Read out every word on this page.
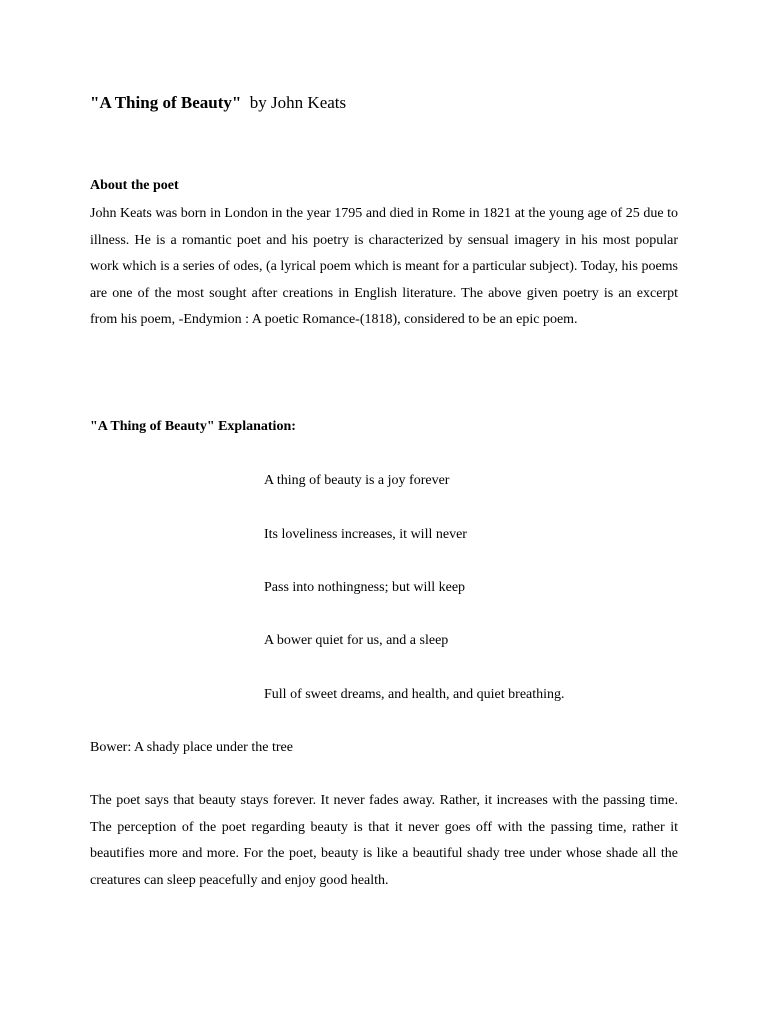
"A Thing of Beauty" by John Keats
About the poet
John Keats was born in London in the year 1795 and died in Rome in 1821 at the young age of 25 due to illness. He is a romantic poet and his poetry is characterized by sensual imagery in his most popular work which is a series of odes, (a lyrical poem which is meant for a particular subject). Today, his poems are one of the most sought after creations in English literature. The above given poetry is an excerpt from his poem, -Endymion : A poetic Romance-(1818), considered to be an epic poem.
"A Thing of Beauty" Explanation:
A thing of beauty is a joy forever
Its loveliness increases, it will never
Pass into nothingness; but will keep
A bower quiet for us, and a sleep
Full of sweet dreams, and health, and quiet breathing.
Bower: A shady place under the tree
The poet says that beauty stays forever. It never fades away. Rather, it increases with the passing time. The perception of the poet regarding beauty is that it never goes off with the passing time, rather it beautifies more and more. For the poet, beauty is like a beautiful shady tree under whose shade all the creatures can sleep peacefully and enjoy good health.
